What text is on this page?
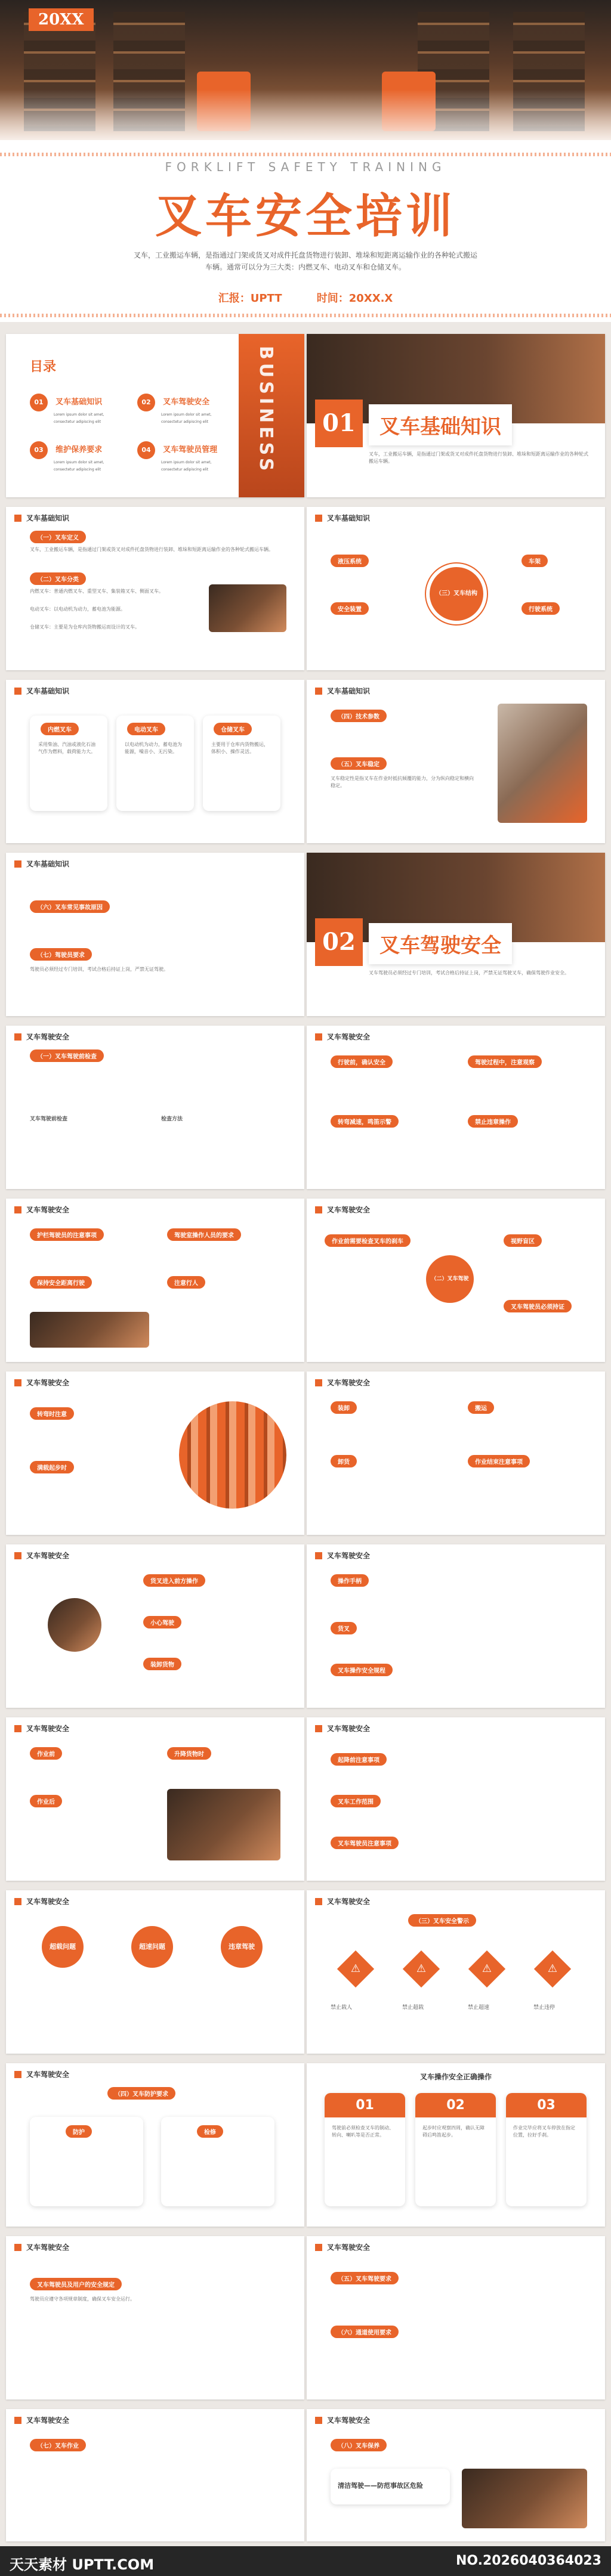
20XX
FORKLIFT SAFETY TRAINING
叉车安全培训
叉车，工业搬运车辆，是指通过门架或货叉对成件托盘货物进行装卸、堆垛和短距离运输作业的各种轮式搬运车辆。通常可以分为三大类：内燃叉车、电动叉车和仓储叉车。
汇报：UPTT	时间：20XX.X
目录	BUSINESS
01 叉车基础知识
Lorem ipsum dolor sit amet, consectetur adipiscing elit
02 叉车驾驶安全
Lorem ipsum dolor sit amet, consectetur adipiscing elit
03 维护保养要求
Lorem ipsum dolor sit amet, consectetur adipiscing elit
04 叉车驾驶员管理
Lorem ipsum dolor sit amet, consectetur adipiscing elit
01	叉车基础知识
叉车，工业搬运车辆，是指通过门架或货叉对成件托盘货物进行装卸、堆垛和短距离运输作业的各种轮式搬运车辆。
叉车基础知识
（一）叉车定义
叉车，工业搬运车辆，是指通过门架或货叉对成件托盘货物进行装卸、堆垛和短距离运输作业的各种轮式搬运车辆。
（二）叉车分类
内燃叉车：普通内燃叉车、重型叉车、集装箱叉车、侧面叉车。
电动叉车：以电动机为动力，蓄电池为能源。
仓储叉车：主要是为仓库内货物搬运而设计的叉车。
叉车基础知识
液压系统
安全装置
（三）叉车结构
车架
行驶系统
叉车基础知识
内燃叉车
采用柴油、汽油或液化石油气作为燃料，载荷能力大。
电动叉车
以电动机为动力，蓄电池为能源，噪音小、无污染。
仓储叉车
主要用于仓库内货物搬运，体积小、操作灵活。
叉车基础知识
（四）技术参数
（五）叉车稳定
叉车稳定性是指叉车在作业时抵抗倾覆的能力，分为纵向稳定和横向稳定。
叉车基础知识
（六）叉车常见事故原因
（七）驾驶员要求
驾驶员必须经过专门培训，考试合格后持证上岗，严禁无证驾驶。
02	叉车驾驶安全
叉车驾驶员必须经过专门培训，考试合格后持证上岗，严禁无证驾驶叉车，确保驾驶作业安全。
叉车驾驶安全
（一）叉车驾驶前检查
叉车驾驶前检查	检查方法
叉车驾驶安全
行驶前，确认安全	驾驶过程中，注意观察
转弯减速，鸣笛示警	禁止违章操作
叉车驾驶安全
护栏驾驶员的注意事项	驾驶室操作人员的要求
保持安全距离行驶	注意行人
叉车驾驶安全
作业前需要检查叉车的刹车
（二）叉车驾驶
视野盲区
叉车驾驶员必须持证
叉车驾驶安全
转弯时注意
满载起步时
叉车驾驶安全
装卸	搬运
卸货	作业结束注意事项
叉车驾驶安全
货叉进入前方操作
小心驾驶
装卸货物
叉车驾驶安全
操作手柄
货叉
叉车操作安全规程
叉车驾驶安全
作业前	升降货物时
作业后
叉车驾驶安全
起降前注意事项
叉车工作范围
叉车驾驶员注意事项
叉车驾驶安全
超载问题	超速问题	违章驾驶
叉车驾驶安全
（三）叉车安全警示
⚠	⚠	⚠	⚠
禁止载人	禁止超载	禁止超速	禁止违停
叉车驾驶安全
（四）叉车防护要求
防护	检修
叉车操作安全正确操作
01
驾驶前必须检查叉车的制动、转向、喇叭等是否正常。
02
起步时应观察四周，确认无障碍后鸣笛起步。
03
作业完毕应将叉车停放在指定位置，拉好手刹。
叉车驾驶安全
叉车驾驶员及用户的安全规定
驾驶员应遵守各项规章制度，确保叉车安全运行。
叉车驾驶安全
（五）叉车驾驶要求
（六）通道使用要求
叉车驾驶安全
（七）叉车作业
叉车驾驶安全
（八）叉车保养
清洁驾驶——防范事故区危险
天天素材 UPTT.COM	NO.2026040364023
